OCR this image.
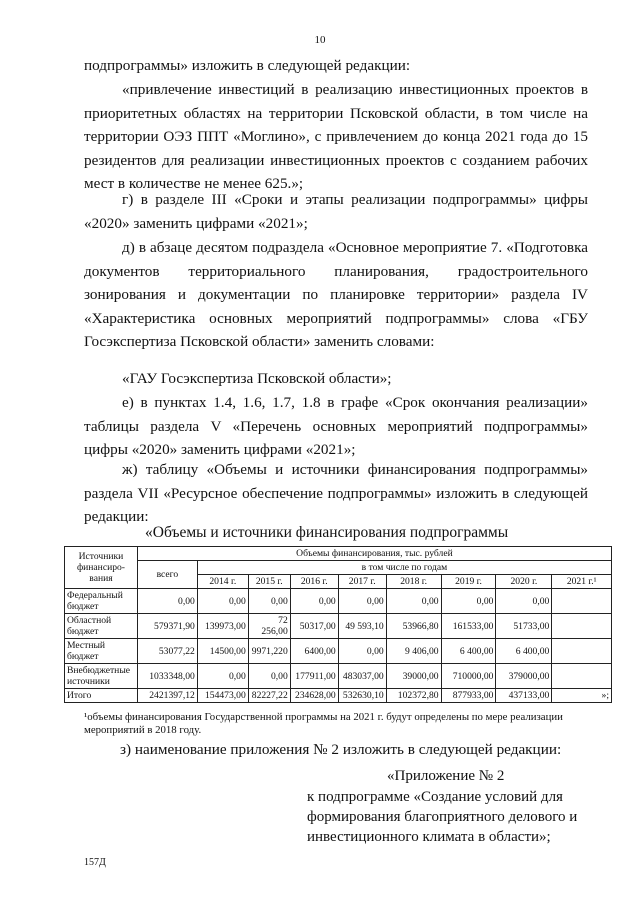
10
подпрограммы» изложить в следующей редакции:
«привлечение инвестиций в реализацию инвестиционных проектов в приоритетных областях на территории Псковской области, в том числе на территории ОЭЗ ППТ «Моглино», с привлечением до конца 2021 года до 15 резидентов для реализации инвестиционных проектов с созданием рабочих мест в количестве не менее 625.»;
г) в разделе III «Сроки и этапы реализации подпрограммы» цифры «2020» заменить цифрами «2021»;
д) в абзаце десятом подраздела «Основное мероприятие 7. «Подготовка документов территориального планирования, градостроительного зонирования и документации по планировке территории» раздела IV «Характеристика основных мероприятий подпрограммы» слова «ГБУ Госэкспертиза Псковской области» заменить словами:
«ГАУ Госэкспертиза Псковской области»;
е) в пунктах 1.4, 1.6, 1.7, 1.8 в графе «Срок окончания реализации» таблицы раздела V «Перечень основных мероприятий подпрограммы» цифры «2020» заменить цифрами «2021»;
ж) таблицу «Объемы и источники финансирования подпрограммы» раздела VII «Ресурсное обеспечение подпрограммы» изложить в следующей редакции:
«Объемы и источники финансирования подпрограммы
Источники финансиро-вания	Объемы финансирования, тыс. рублей								
	всего	в том числе по годам							
		2014 г.	2015 г.	2016 г.	2017 г.	2018 г.	2019 г.	2020 г.	2021 г.¹
Федеральный бюджет	0,00	0,00	0,00	0,00	0,00	0,00	0,00	0,00	
Областной бюджет	579371,90	139973,00	72 256,00	50317,00	49 593,10	53966,80	161533,00	51733,00	
Местный бюджет	53077,22	14500,00	9971,220	6400,00	0,00	9 406,00	6 400,00	6 400,00	
Внебюджетные источники	1033348,00	0,00	0,00	177911,00	483037,00	39000,00	710000,00	379000,00	
Итого	2421397,12	154473,00	82227,22	234628,00	532630,10	102372,80	877933,00	437133,00	»;
¹объемы финансирования Государственной программы на 2021 г. будут определены по мере реализации мероприятий в 2018 году.
з) наименование приложения № 2 изложить в следующей редакции:
«Приложение № 2
к подпрограмме «Создание условий для формирования благоприятного делового и инвестиционного климата в области»;
157Д
